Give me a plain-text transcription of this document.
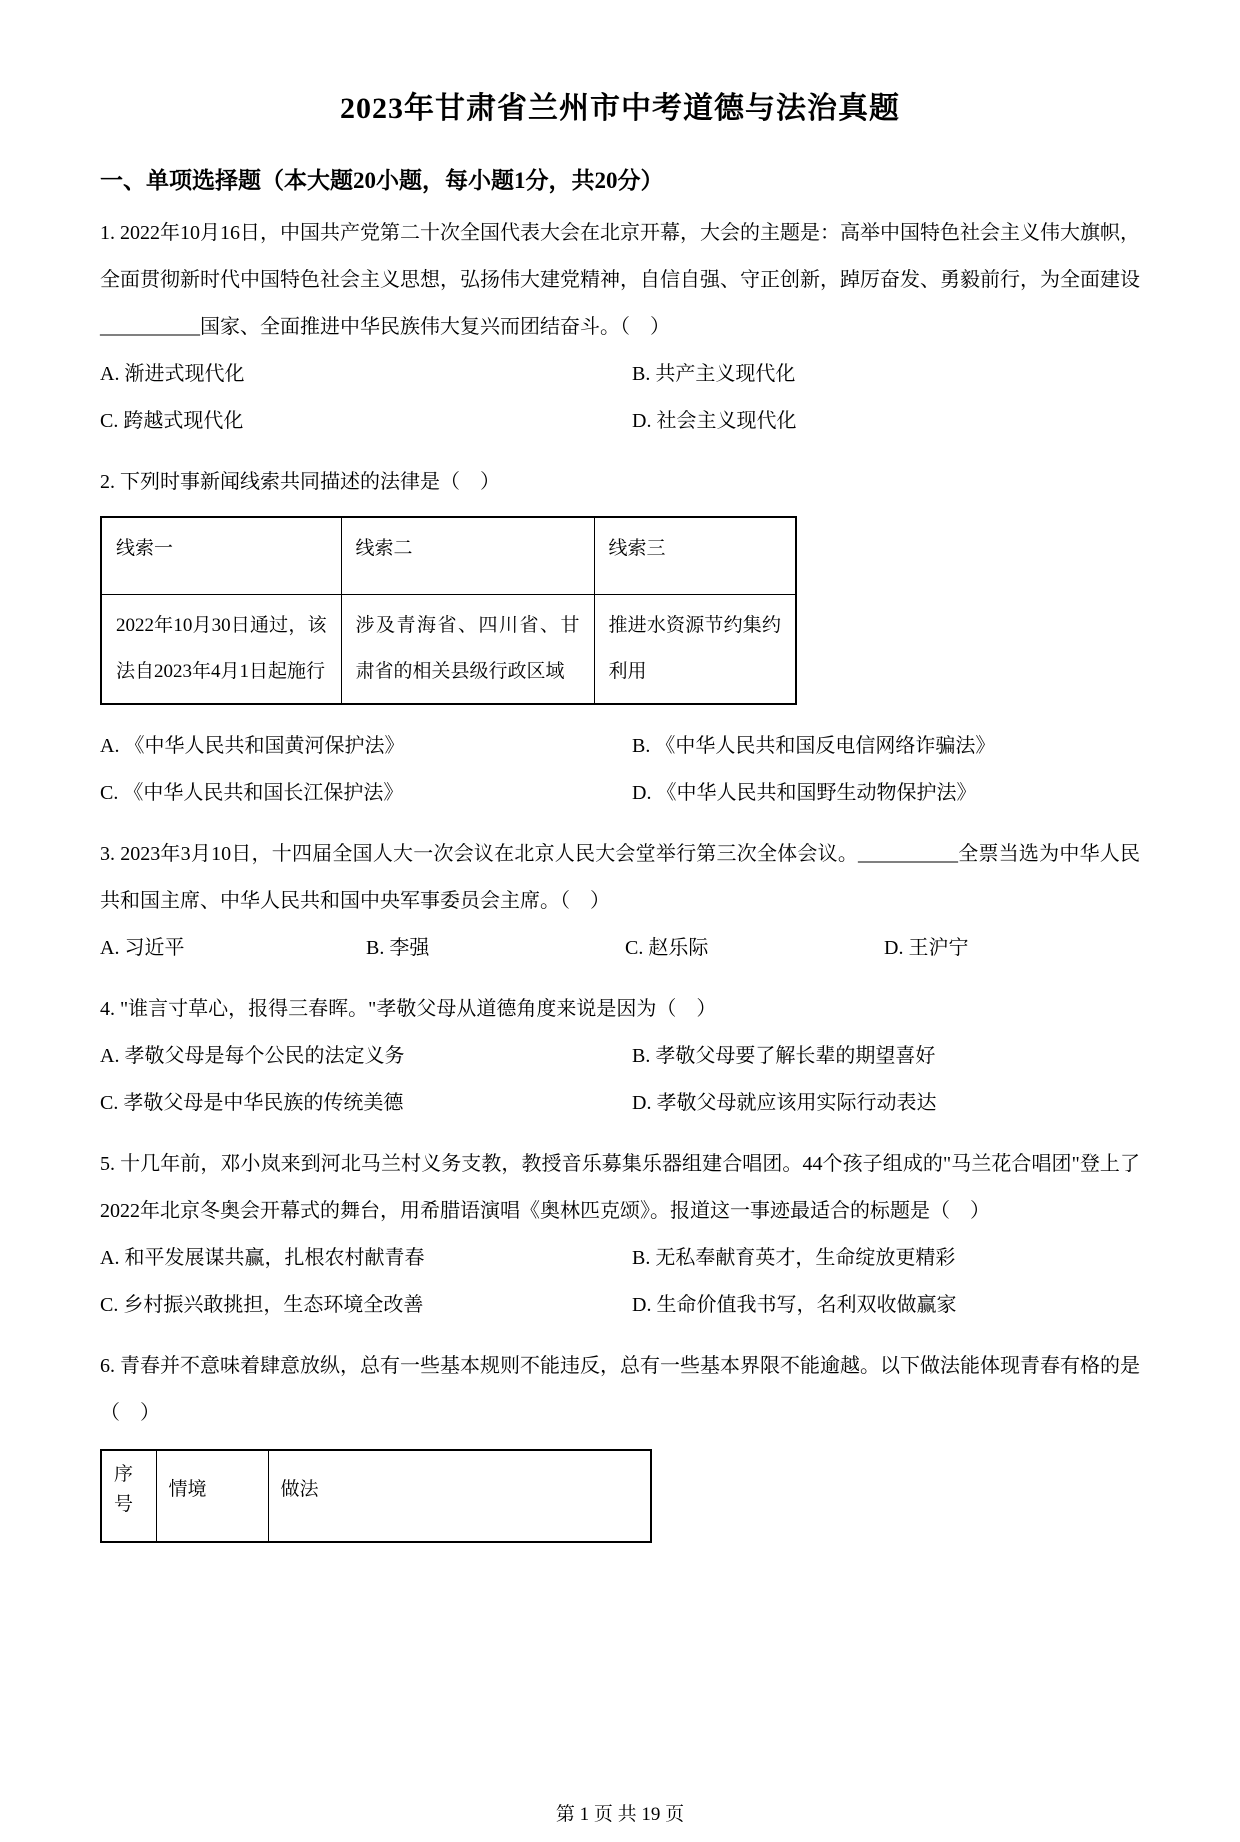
2023年甘肃省兰州市中考道德与法治真题
一、单项选择题（本大题20小题，每小题1分，共20分）

1. 2022年10月16日，中国共产党第二十次全国代表大会在北京开幕，大会的主题是：高举中国特色社会主义伟大旗帜，全面贯彻新时代中国特色社会主义思想，弘扬伟大建党精神，自信自强、守正创新，踔厉奋发、勇毅前行，为全面建设__________国家、全面推进中华民族伟大复兴而团结奋斗。（　）

A. 渐进式现代化	B. 共产主义现代化
C. 跨越式现代化	D. 社会主义现代化

2. 下列时事新闻线索共同描述的法律是（　）

线索一	线索二	线索三
2022年10月30日通过，该法自2023年4月1日起施行	涉及青海省、四川省、甘肃省的相关县级行政区域	推进水资源节约集约利用
A. 《中华人民共和国黄河保护法》	B. 《中华人民共和国反电信网络诈骗法》
C. 《中华人民共和国长江保护法》	D. 《中华人民共和国野生动物保护法》

3. 2023年3月10日，十四届全国人大一次会议在北京人民大会堂举行第三次全体会议。__________全票当选为中华人民共和国主席、中华人民共和国中央军事委员会主席。（　）

A. 习近平	B. 李强	C. 赵乐际	D. 王沪宁

4. "谁言寸草心，报得三春晖。"孝敬父母从道德角度来说是因为（　）

A. 孝敬父母是每个公民的法定义务	B. 孝敬父母要了解长辈的期望喜好
C. 孝敬父母是中华民族的传统美德	D. 孝敬父母就应该用实际行动表达

5. 十几年前，邓小岚来到河北马兰村义务支教，教授音乐募集乐器组建合唱团。44个孩子组成的"马兰花合唱团"登上了2022年北京冬奥会开幕式的舞台，用希腊语演唱《奥林匹克颂》。报道这一事迹最适合的标题是（　）

A. 和平发展谋共赢，扎根农村献青春	B. 无私奉献育英才，生命绽放更精彩
C. 乡村振兴敢挑担，生态环境全改善	D. 生命价值我书写，名利双收做赢家

6. 青春并不意味着肆意放纵，总有一些基本规则不能违反，总有一些基本界限不能逾越。以下做法能体现青春有格的是（　）

序号	情境	做法
第 1 页 共 19 页
